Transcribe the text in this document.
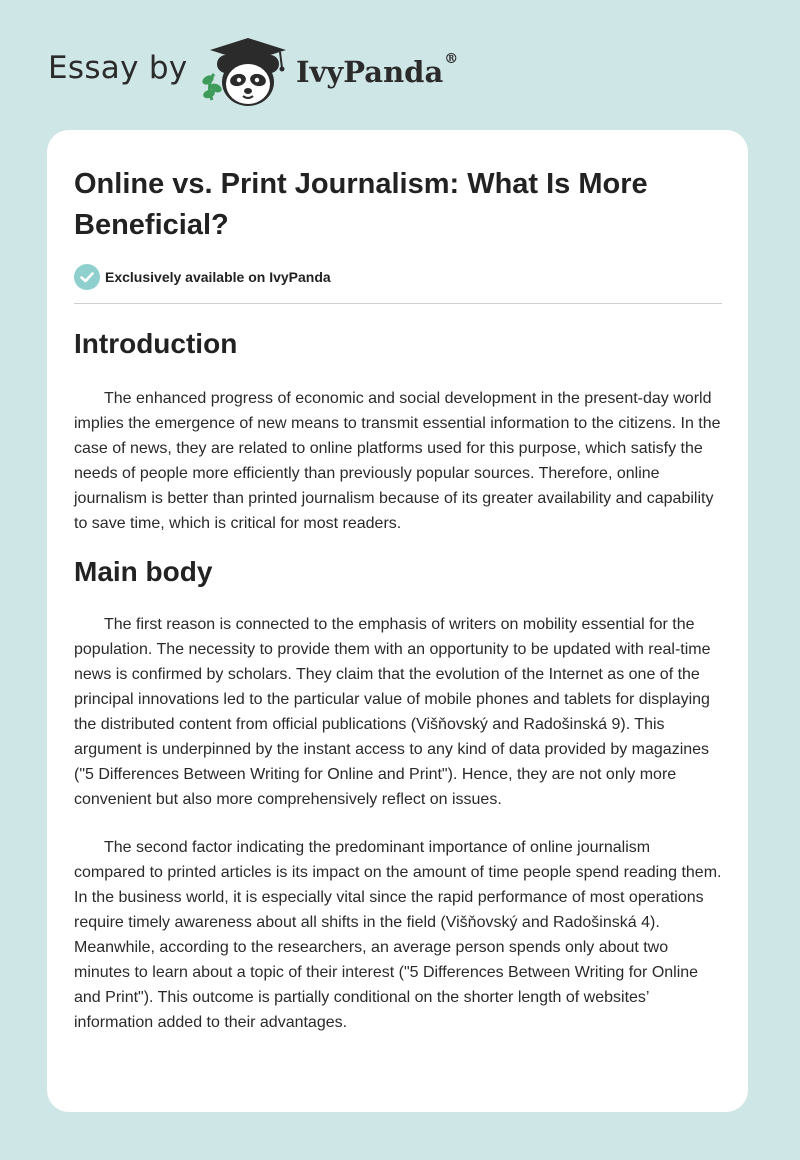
Essay by	IvyPanda®
Online vs. Print Journalism: What Is More Beneficial?
Exclusively available on IvyPanda
Introduction

The enhanced progress of economic and social development in the present-day world implies the emergence of new means to transmit essential information to the citizens. In the case of news, they are related to online platforms used for this purpose, which satisfy the needs of people more efficiently than previously popular sources. Therefore, online journalism is better than printed journalism because of its greater availability and capability to save time, which is critical for most readers.

Main body

The first reason is connected to the emphasis of writers on mobility essential for the population. The necessity to provide them with an opportunity to be updated with real-time news is confirmed by scholars. They claim that the evolution of the Internet as one of the principal innovations led to the particular value of mobile phones and tablets for displaying the distributed content from official publications (Višňovský and Radošinská 9). This argument is underpinned by the instant access to any kind of data provided by magazines ("5 Differences Between Writing for Online and Print"). Hence, they are not only more convenient but also more comprehensively reflect on issues.

The second factor indicating the predominant importance of online journalism compared to printed articles is its impact on the amount of time people spend reading them. In the business world, it is especially vital since the rapid performance of most operations require timely awareness about all shifts in the field (Višňovský and Radošinská 4). Meanwhile, according to the researchers, an average person spends only about two minutes to learn about a topic of their interest ("5 Differences Between Writing for Online and Print"). This outcome is partially conditional on the shorter length of websites’ information added to their advantages.
